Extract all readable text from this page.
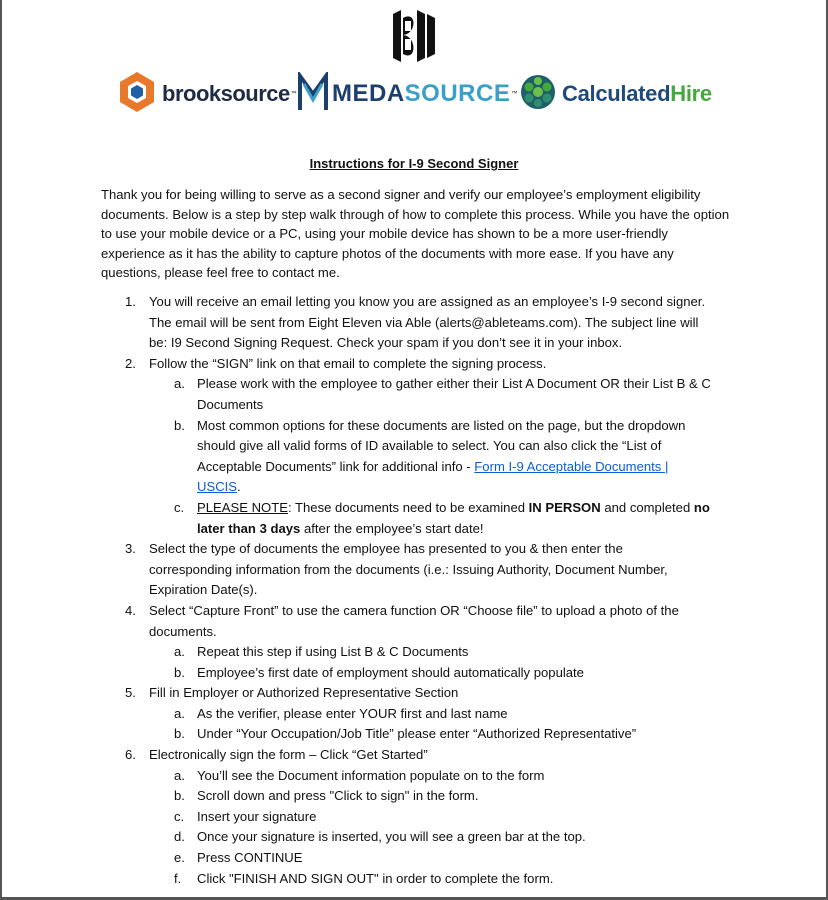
brooksource ™ MEDASOURCE ™ CalculatedHire
Instructions for I-9 Second Signer
Thank you for being willing to serve as a second signer and verify our employee’s employment eligibility documents. Below is a step by step walk through of how to complete this process. While you have the option to use your mobile device or a PC, using your mobile device has shown to be a more user-friendly experience as it has the ability to capture photos of the documents with more ease. If you have any questions, please feel free to contact me.
1. You will receive an email letting you know you are assigned as an employee’s I-9 second signer. The email will be sent from Eight Eleven via Able (alerts@ableteams.com). The subject line will be: I9 Second Signing Request. Check your spam if you don’t see it in your inbox.
2. Follow the “SIGN” link on that email to complete the signing process.
a. Please work with the employee to gather either their List A Document OR their List B & C Documents
b. Most common options for these documents are listed on the page, but the dropdown should give all valid forms of ID available to select. You can also click the “List of Acceptable Documents” link for additional info - Form I-9 Acceptable Documents | USCIS.
c. PLEASE NOTE: These documents need to be examined IN PERSON and completed no later than 3 days after the employee’s start date!
3. Select the type of documents the employee has presented to you & then enter the corresponding information from the documents (i.e.: Issuing Authority, Document Number, Expiration Date(s).
4. Select “Capture Front” to use the camera function OR “Choose file” to upload a photo of the documents.
a. Repeat this step if using List B & C Documents
b. Employee’s first date of employment should automatically populate
5. Fill in Employer or Authorized Representative Section
a. As the verifier, please enter YOUR first and last name
b. Under “Your Occupation/Job Title” please enter “Authorized Representative”
6. Electronically sign the form – Click “Get Started”
a. You’ll see the Document information populate on to the form
b. Scroll down and press "Click to sign" in the form.
c. Insert your signature
d. Once your signature is inserted, you will see a green bar at the top.
e. Press CONTINUE
f. Click "FINISH AND SIGN OUT" in order to complete the form.
